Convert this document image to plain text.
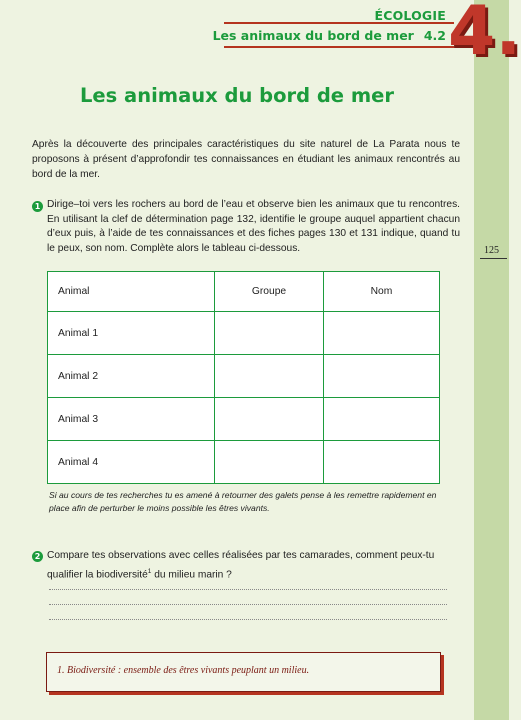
ÉCOLOGIE
Les animaux du bord de mer 4.2 4.
Les animaux du bord de mer
Après la découverte des principales caractéristiques du site naturel de La Parata nous te proposons à présent d’approfondir tes connaissances en étudiant les animaux rencontrés au bord de la mer.
1 Dirige–toi vers les rochers au bord de l’eau et observe bien les animaux que tu rencontres. En utilisant la clef de détermination page 132, identifie le groupe auquel appartient chacun d’eux puis, à l’aide de tes connaissances et des fiches pages 130 et 131 indique, quand tu le peux, son nom. Complète alors le tableau ci-dessous.	125
Animal	Groupe	Nom
Animal 1		
Animal 2		
Animal 3		
Animal 4		
Si au cours de tes recherches tu es amené à retourner des galets pense à les remettre rapidement en place afin de perturber le moins possible les êtres vivants.
2 Compare tes observations avec celles réalisées par tes camarades, comment peux-tu qualifier la biodiversité$^1$ du milieu marin ?
1. Biodiversité : ensemble des êtres vivants peuplant un milieu.
